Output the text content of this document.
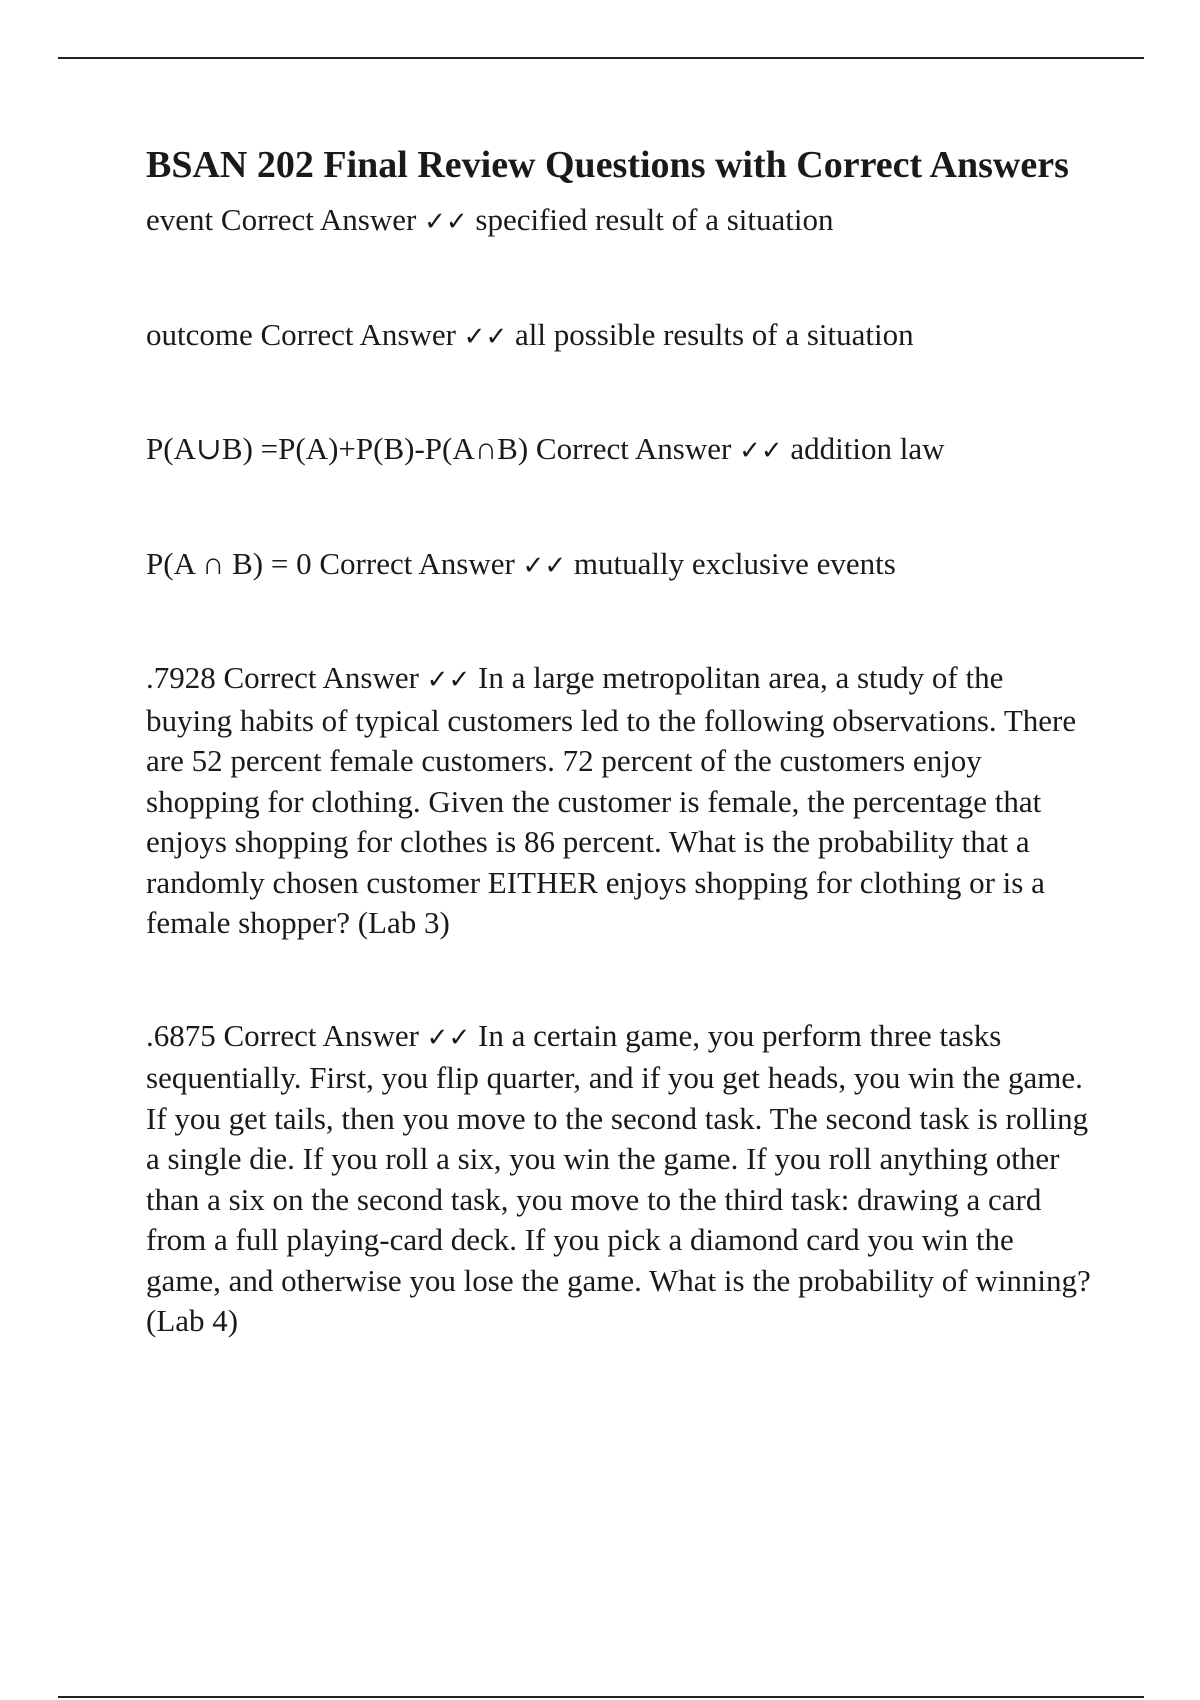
BSAN 202 Final Review Questions with Correct Answers

event Correct Answer ✓✓ specified result of a situation

outcome Correct Answer ✓✓ all possible results of a situation

P(A∪B) =P(A)+P(B)-P(A∩B) Correct Answer ✓✓ addition law

P(A ∩ B) = 0 Correct Answer ✓✓ mutually exclusive events

.7928 Correct Answer ✓✓ In a large metropolitan area, a study of the buying habits of typical customers led to the following observations. There are 52 percent female customers. 72 percent of the customers enjoy shopping for clothing. Given the customer is female, the percentage that enjoys shopping for clothes is 86 percent. What is the probability that a randomly chosen customer EITHER enjoys shopping for clothing or is a female shopper? (Lab 3)

.6875 Correct Answer ✓✓ In a certain game, you perform three tasks sequentially. First, you flip quarter, and if you get heads, you win the game. If you get tails, then you move to the second task. The second task is rolling a single die. If you roll a six, you win the game. If you roll anything other than a six on the second task, you move to the third task: drawing a card from a full playing-card deck. If you pick a diamond card you win the game, and otherwise you lose the game. What is the probability of winning? (Lab 4)
